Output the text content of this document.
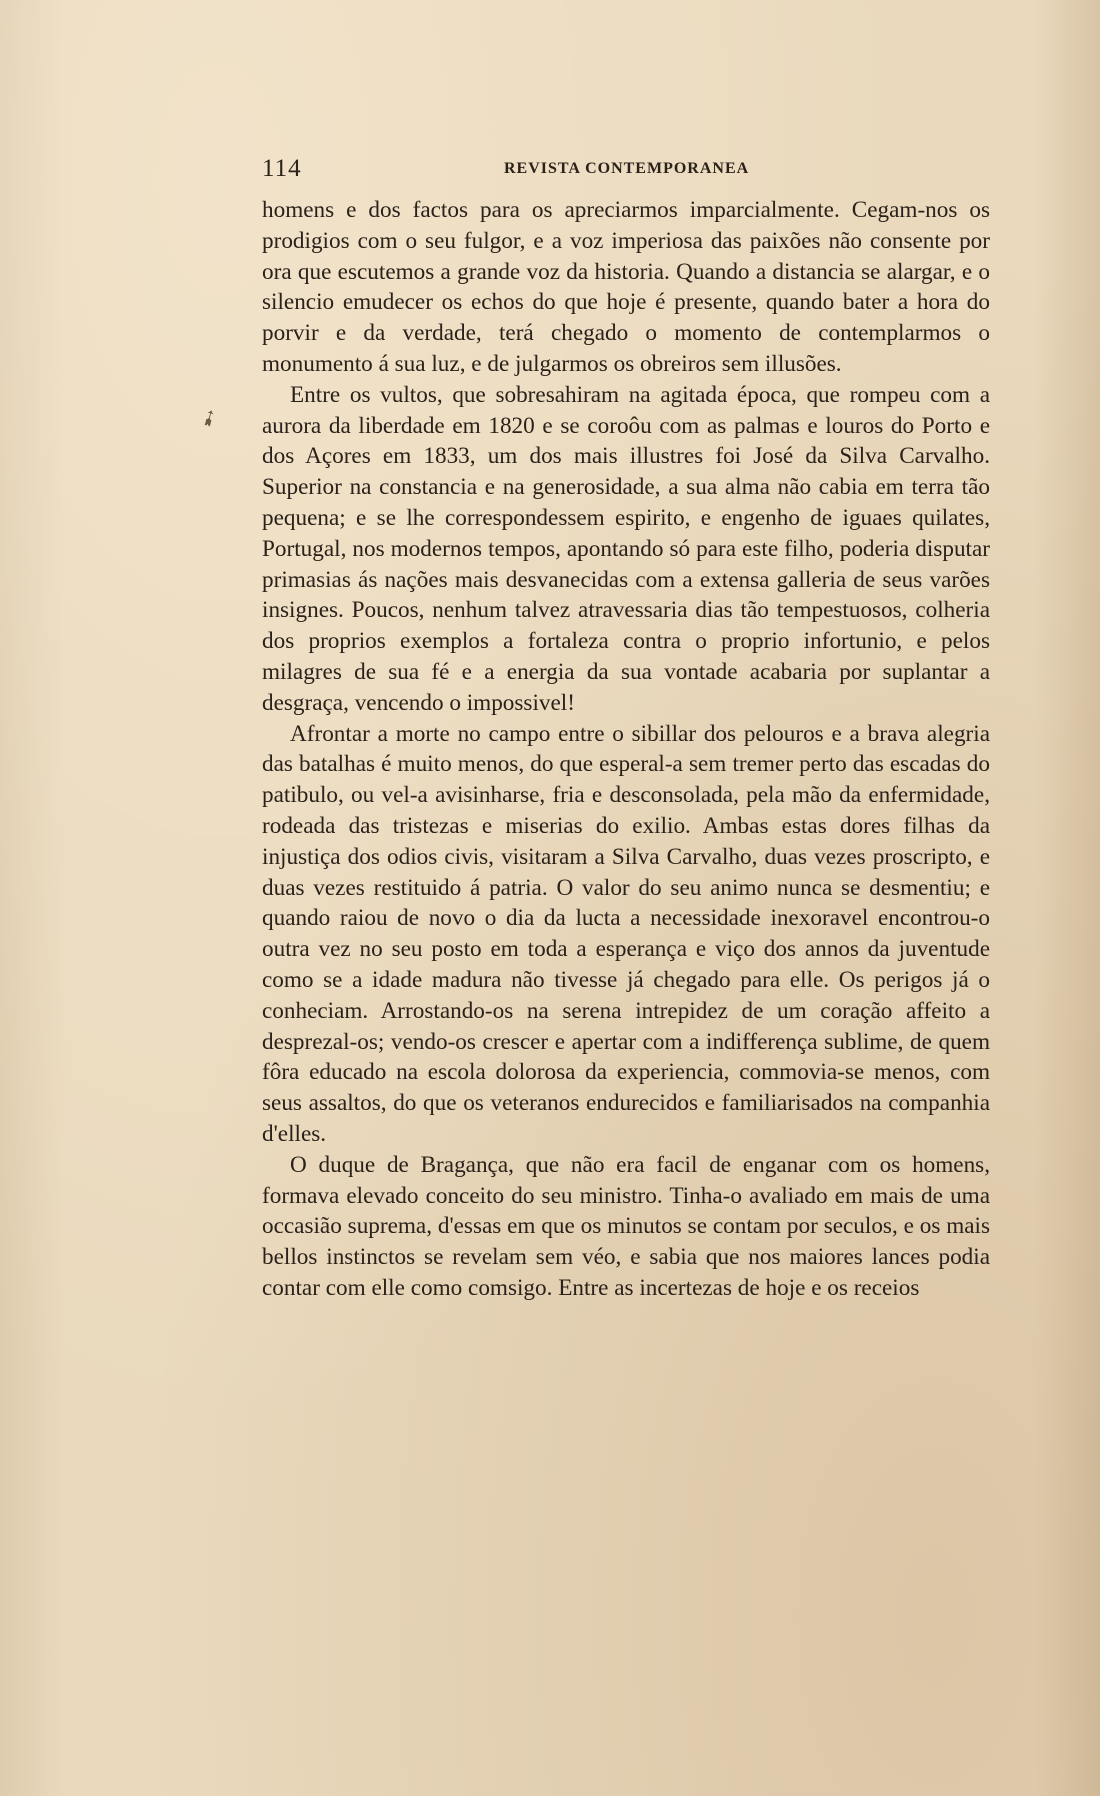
➹
114	REVISTA CONTEMPORANEA

homens e dos factos para os apreciarmos imparcialmente. Cegam-nos os prodigios com o seu fulgor, e a voz imperiosa das paixões não consente por ora que escutemos a grande voz da historia. Quando a distancia se alargar, e o silencio emudecer os echos do que hoje é presente, quando bater a hora do porvir e da verdade, terá chegado o momento de contemplarmos o monumento á sua luz, e de julgarmos os obreiros sem illusões.

Entre os vultos, que sobresahiram na agitada época, que rompeu com a aurora da liberdade em 1820 e se coroôu com as palmas e louros do Porto e dos Açores em 1833, um dos mais illustres foi José da Silva Carvalho. Superior na constancia e na generosidade, a sua alma não cabia em terra tão pequena; e se lhe correspondessem espirito, e engenho de iguaes quilates, Portugal, nos modernos tempos, apontando só para este filho, poderia disputar primasias ás nações mais desvanecidas com a extensa galleria de seus varões insignes. Poucos, nenhum talvez atravessaria dias tão tempestuosos, colheria dos proprios exemplos a fortaleza contra o proprio infortunio, e pelos milagres de sua fé e a energia da sua vontade acabaria por suplantar a desgraça, vencendo o impossivel!

Afrontar a morte no campo entre o sibillar dos pelouros e a brava alegria das batalhas é muito menos, do que esperal-a sem tremer perto das escadas do patibulo, ou vel-a avisinharse, fria e desconsolada, pela mão da enfermidade, rodeada das tristezas e miserias do exilio. Ambas estas dores filhas da injustiça dos odios civis, visitaram a Silva Carvalho, duas vezes proscripto, e duas vezes restituido á patria. O valor do seu animo nunca se desmentiu; e quando raiou de novo o dia da lucta a necessidade inexoravel encontrou-o outra vez no seu posto em toda a esperança e viço dos annos da juventude como se a idade madura não tivesse já chegado para elle. Os perigos já o conheciam. Arrostando-os na serena intrepidez de um coração affeito a desprezal-os; vendo-os crescer e apertar com a indifferença sublime, de quem fôra educado na escola dolorosa da experiencia, commovia-se menos, com seus assaltos, do que os veteranos endurecidos e familiarisados na companhia d'elles.

O duque de Bragança, que não era facil de enganar com os homens, formava elevado conceito do seu ministro. Tinha-o avaliado em mais de uma occasião suprema, d'essas em que os minutos se contam por seculos, e os mais bellos instinctos se revelam sem véo, e sabia que nos maiores lances podia contar com elle como comsigo. Entre as incertezas de hoje e os receios
